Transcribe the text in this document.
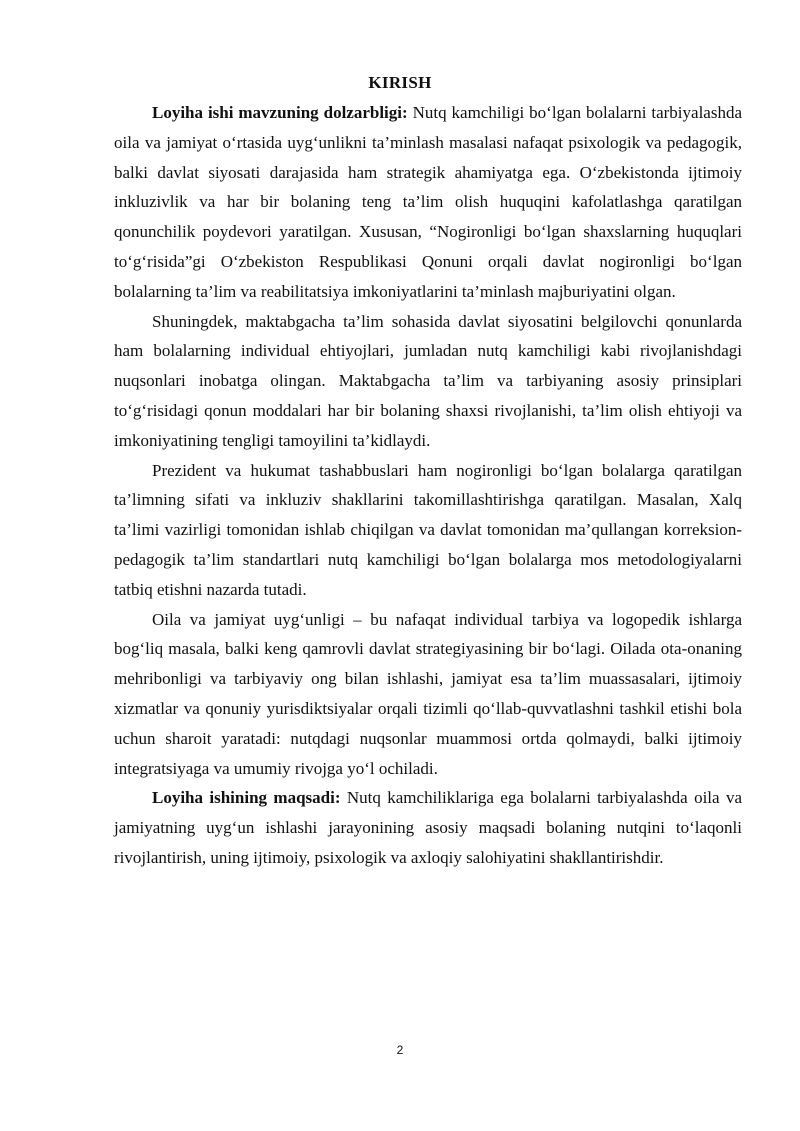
KIRISH

Loyiha ishi mavzuning dolzarbligi: Nutq kamchiligi bo‘lgan bolalarni tarbiyalashda oila va jamiyat o‘rtasida uyg‘unlikni ta’minlash masalasi nafaqat psixologik va pedagogik, balki davlat siyosati darajasida ham strategik ahamiyatga ega. O‘zbekistonda ijtimoiy inkluzivlik va har bir bolaning teng ta’lim olish huquqini kafolatlashga qaratilgan qonunchilik poydevori yaratilgan. Xususan, “Nogironligi bo‘lgan shaxslarning huquqlari to‘g‘risida”gi O‘zbekiston Respublikasi Qonuni orqali davlat nogironligi bo‘lgan bolalarning ta’lim va reabilitatsiya imkoniyatlarini ta’minlash majburiyatini olgan.

Shuningdek, maktabgacha ta’lim sohasida davlat siyosatini belgilovchi qonunlarda ham bolalarning individual ehtiyojlari, jumladan nutq kamchiligi kabi rivojlanishdagi nuqsonlari inobatga olingan. Maktabgacha ta’lim va tarbiyaning asosiy prinsiplari to‘g‘risidagi qonun moddalari har bir bolaning shaxsi rivojlanishi, ta’lim olish ehtiyoji va imkoniyatining tengligi tamoyilini ta’kidlaydi.

Prezident va hukumat tashabbuslari ham nogironligi bo‘lgan bolalarga qaratilgan ta’limning sifati va inkluziv shakllarini takomillashtirishga qaratilgan. Masalan, Xalq ta’limi vazirligi tomonidan ishlab chiqilgan va davlat tomonidan ma’qullangan korreksion-pedagogik ta’lim standartlari nutq kamchiligi bo‘lgan bolalarga mos metodologiyalarni tatbiq etishni nazarda tutadi.

Oila va jamiyat uyg‘unligi – bu nafaqat individual tarbiya va logopedik ishlarga bog‘liq masala, balki keng qamrovli davlat strategiyasining bir bo‘lagi. Oilada ota-onaning mehribonligi va tarbiyaviy ong bilan ishlashi, jamiyat esa ta’lim muassasalari, ijtimoiy xizmatlar va qonuniy yurisdiktsiyalar orqali tizimli qo‘llab-quvvatlashni tashkil etishi bola uchun sharoit yaratadi: nutqdagi nuqsonlar muammosi ortda qolmaydi, balki ijtimoiy integratsiyaga va umumiy rivojga yo‘l ochiladi.

Loyiha ishining maqsadi: Nutq kamchiliklariga ega bolalarni tarbiyalashda oila va jamiyatning uyg‘un ishlashi jarayonining asosiy maqsadi bolaning nutqini to‘laqonli rivojlantirish, uning ijtimoiy, psixologik va axloqiy salohiyatini shakllantirishdir.

2
